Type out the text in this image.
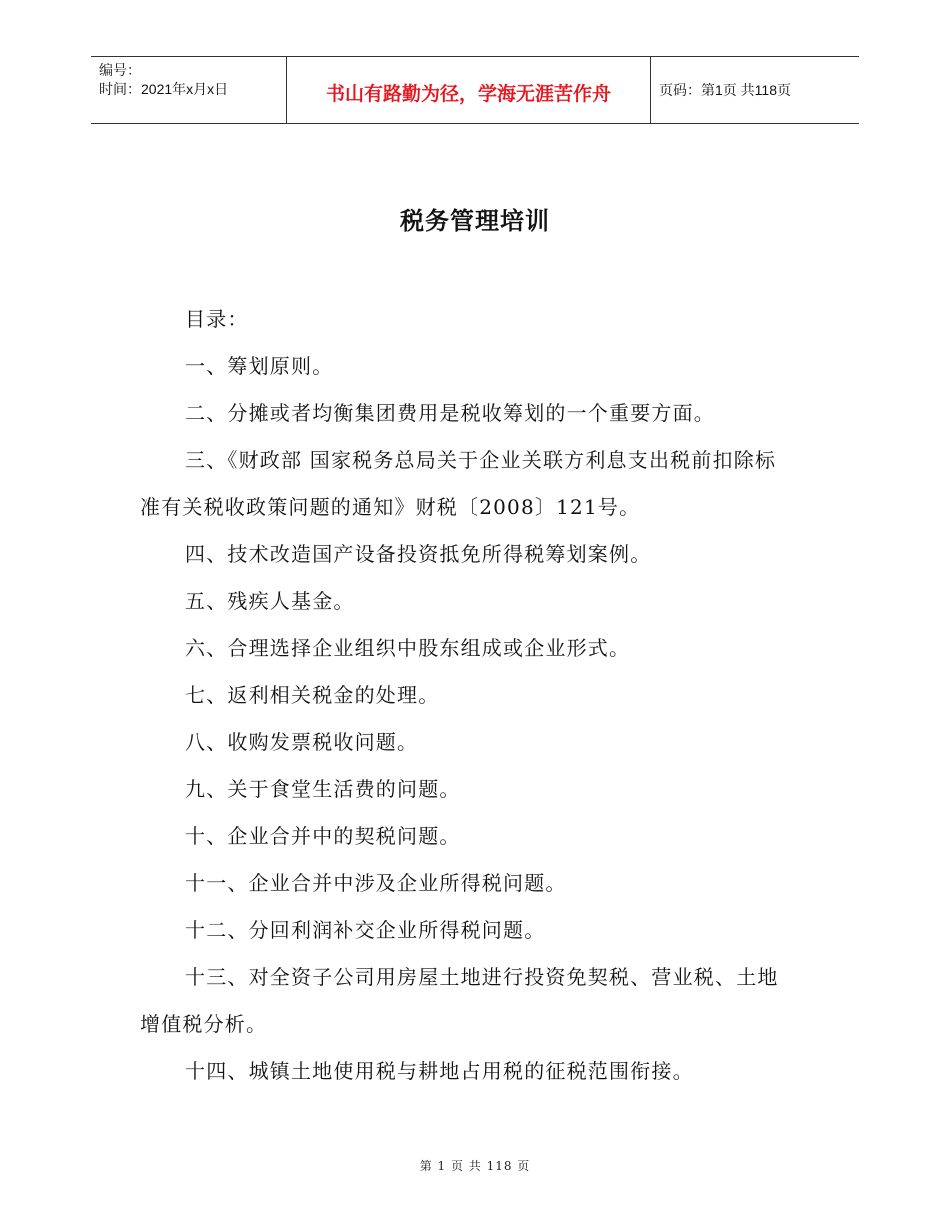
编号：
时间：2021年x月x日	书山有路勤为径，学海无涯苦作舟	页码：第1页 共118页
税务管理培训
目录：
一、筹划原则。
二、分摊或者均衡集团费用是税收筹划的一个重要方面。
三、《财政部 国家税务总局关于企业关联方利息支出税前扣除标
准有关税收政策问题的通知》财税〔2008〕121号。
四、技术改造国产设备投资抵免所得税筹划案例。
五、残疾人基金。
六、合理选择企业组织中股东组成或企业形式。
七、返利相关税金的处理。
八、收购发票税收问题。
九、关于食堂生活费的问题。
十、企业合并中的契税问题。
十一、企业合并中涉及企业所得税问题。
十二、分回利润补交企业所得税问题。
十三、对全资子公司用房屋土地进行投资免契税、营业税、土地
增值税分析。
十四、城镇土地使用税与耕地占用税的征税范围衔接。
第 1 页 共 118 页
